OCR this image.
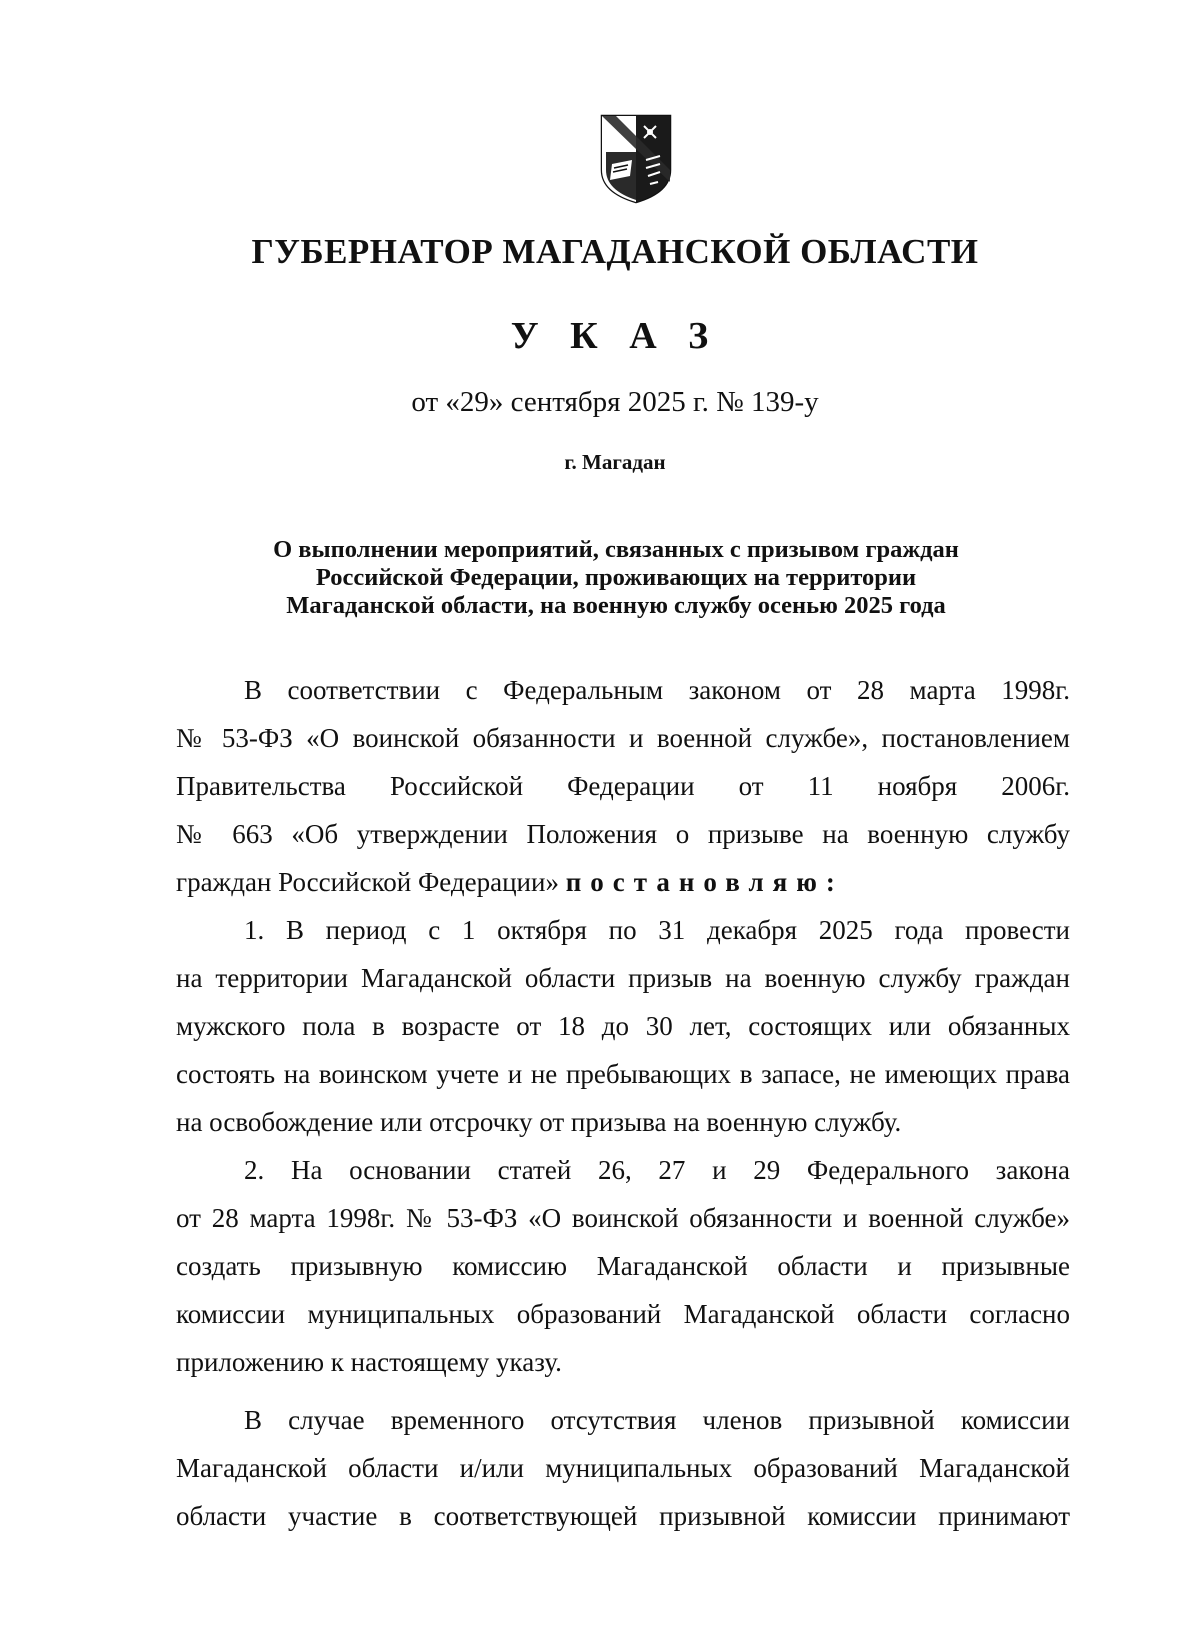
ГУБЕРНАТОР МАГАДАНСКОЙ ОБЛАСТИ
У К А З
от «29» сентября 2025 г. № 139-у
г. Магадан
О выполнении мероприятий, связанных с призывом граждан
Российской Федерации, проживающих на территории
Магаданской области, на военную службу осенью 2025 года

В соответствии с Федеральным законом от 28 марта 1998г.

№ 53-ФЗ «О воинской обязанности и военной службе», постановлением

Правительства Российской Федерации от 11 ноября 2006г.

№ 663 «Об утверждении Положения о призыве на военную службу

граждан Российской Федерации» постановляю:

1. В период с 1 октября по 31 декабря 2025 года провести

на территории Магаданской области призыв на военную службу граждан

мужского пола в возрасте от 18 до 30 лет, состоящих или обязанных

состоять на воинском учете и не пребывающих в запасе, не имеющих права

на освобождение или отсрочку от призыва на военную службу.

2. На основании статей 26, 27 и 29 Федерального закона

от 28 марта 1998г. № 53-ФЗ «О воинской обязанности и военной службе»

создать призывную комиссию Магаданской области и призывные

комиссии муниципальных образований Магаданской области согласно

приложению к настоящему указу.

В случае временного отсутствия членов призывной комиссии

Магаданской области и/или муниципальных образований Магаданской

области участие в соответствующей призывной комиссии принимают
